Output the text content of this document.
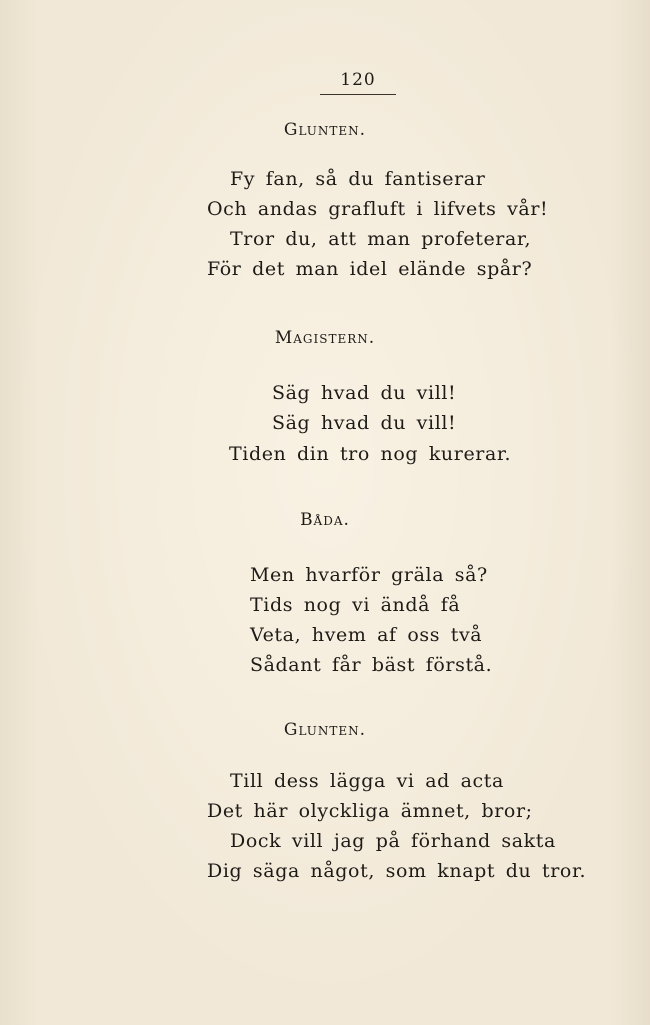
120
Glunten.
Fy fan, så du fantiserar
Och andas grafluft i lifvets vår!
Tror du, att man profeterar,
För det man idel elände spår?
Magistern.
Säg hvad du vill!
Säg hvad du vill!
Tiden din tro nog kurerar.
Båda.
Men hvarför gräla så?
Tids nog vi ändå få
Veta, hvem af oss två
Sådant får bäst förstå.
Glunten.
Till dess lägga vi ad acta
Det här olyckliga ämnet, bror;
Dock vill jag på förhand sakta
Dig säga något, som knapt du tror.
